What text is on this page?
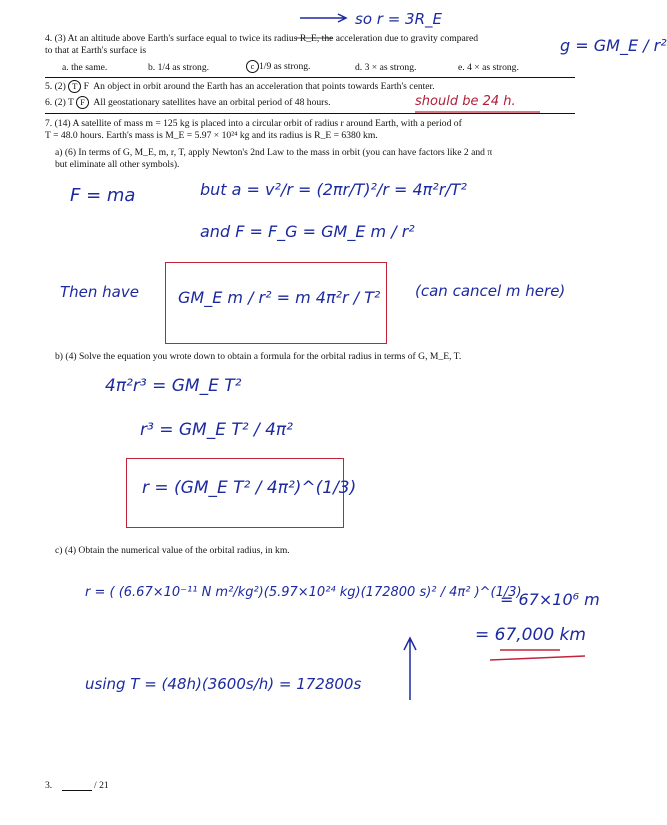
so r = 3R_E
4. (3) At an altitude above Earth's surface equal to twice its radius R_E, the acceleration due to gravity compared
to that at Earth's surface is	g = GM_E / r²
a. the same.	b. 1/4 as strong.	c 1/9 as strong.	d. 3 × as strong.	e. 4 × as strong.
5. (2) T F An object in orbit around the Earth has an acceleration that points towards Earth's center.
6. (2) T F All geostationary satellites have an orbital period of 48 hours.	should be 24 h.
7. (14) A satellite of mass m = 125 kg is placed into a circular orbit of radius r around Earth, with a period of
T = 48.0 hours. Earth's mass is M_E = 5.97 × 10²⁴ kg and its radius is R_E = 6380 km.
a) (6) In terms of G, M_E, m, r, T, apply Newton's 2nd Law to the mass in orbit (you can have factors like 2 and π
but eliminate all other symbols).
F = ma	but a = v²/r = (2πr/T)²/r = 4π²r/T²
and F = F_G = GM_E m / r²
Then have GM_E m / r² = m 4π²r / T² (can cancel m here)
b) (4) Solve the equation you wrote down to obtain a formula for the orbital radius in terms of G, M_E, T.
4π²r³ = GM_E T²
r³ = GM_E T² / 4π²
r = (GM_E T² / 4π²)^(1/3)
c) (4) Obtain the numerical value of the orbital radius, in km.
r = ( (6.67×10⁻¹¹ N m²/kg²)(5.97×10²⁴ kg)(172800 s)² / 4π² )^(1/3)
= 67×10⁶ m
= 67,000 km
using T = (48h)(3600s/h) = 172800s
3.	/ 21
